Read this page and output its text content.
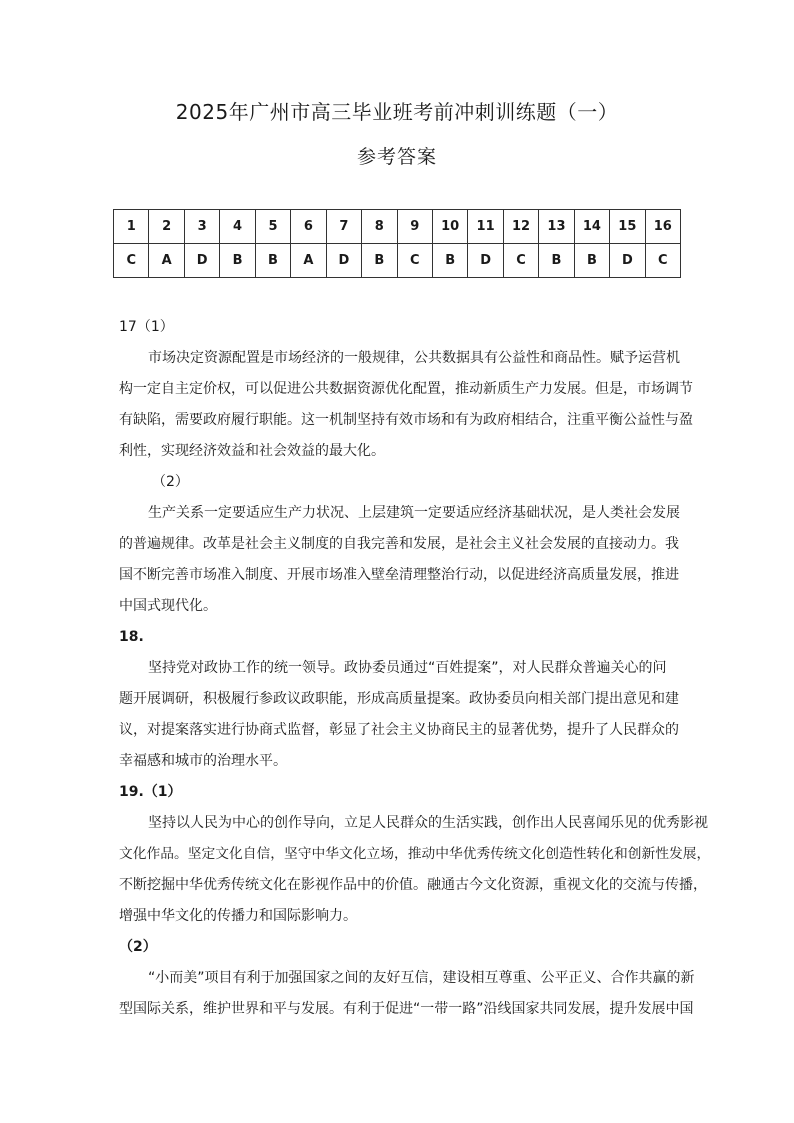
2025年广州市高三毕业班考前冲刺训练题（一）
参考答案
1	2	3	4	5	6	7	8	9	10	11	12	13	14	15	16
C	A	D	B	B	A	D	B	C	B	D	C	B	B	D	C
17（1）
市场决定资源配置是市场经济的一般规律，公共数据具有公益性和商品性。赋予运营机
构一定自主定价权，可以促进公共数据资源优化配置，推动新质生产力发展。但是，市场调节
有缺陷，需要政府履行职能。这一机制坚持有效市场和有为政府相结合，注重平衡公益性与盈
利性，实现经济效益和社会效益的最大化。
（2）
生产关系一定要适应生产力状况、上层建筑一定要适应经济基础状况，是人类社会发展
的普遍规律。改革是社会主义制度的自我完善和发展，是社会主义社会发展的直接动力。我
国不断完善市场准入制度、开展市场准入壁垒清理整治行动，以促进经济高质量发展，推进
中国式现代化。
18.
坚持党对政协工作的统一领导。政协委员通过“百姓提案”，对人民群众普遍关心的问
题开展调研，积极履行参政议政职能，形成高质量提案。政协委员向相关部门提出意见和建
议，对提案落实进行协商式监督，彰显了社会主义协商民主的显著优势，提升了人民群众的
幸福感和城市的治理水平。
19.（1）
坚持以人民为中心的创作导向，立足人民群众的生活实践，创作出人民喜闻乐见的优秀影视
文化作品。坚定文化自信，坚守中华文化立场，推动中华优秀传统文化创造性转化和创新性发展，
不断挖掘中华优秀传统文化在影视作品中的价值。融通古今文化资源，重视文化的交流与传播，
增强中华文化的传播力和国际影响力。
（2）
“小而美”项目有利于加强国家之间的友好互信，建设相互尊重、公平正义、合作共赢的新
型国际关系，维护世界和平与发展。有利于促进“一带一路”沿线国家共同发展，提升发展中国
